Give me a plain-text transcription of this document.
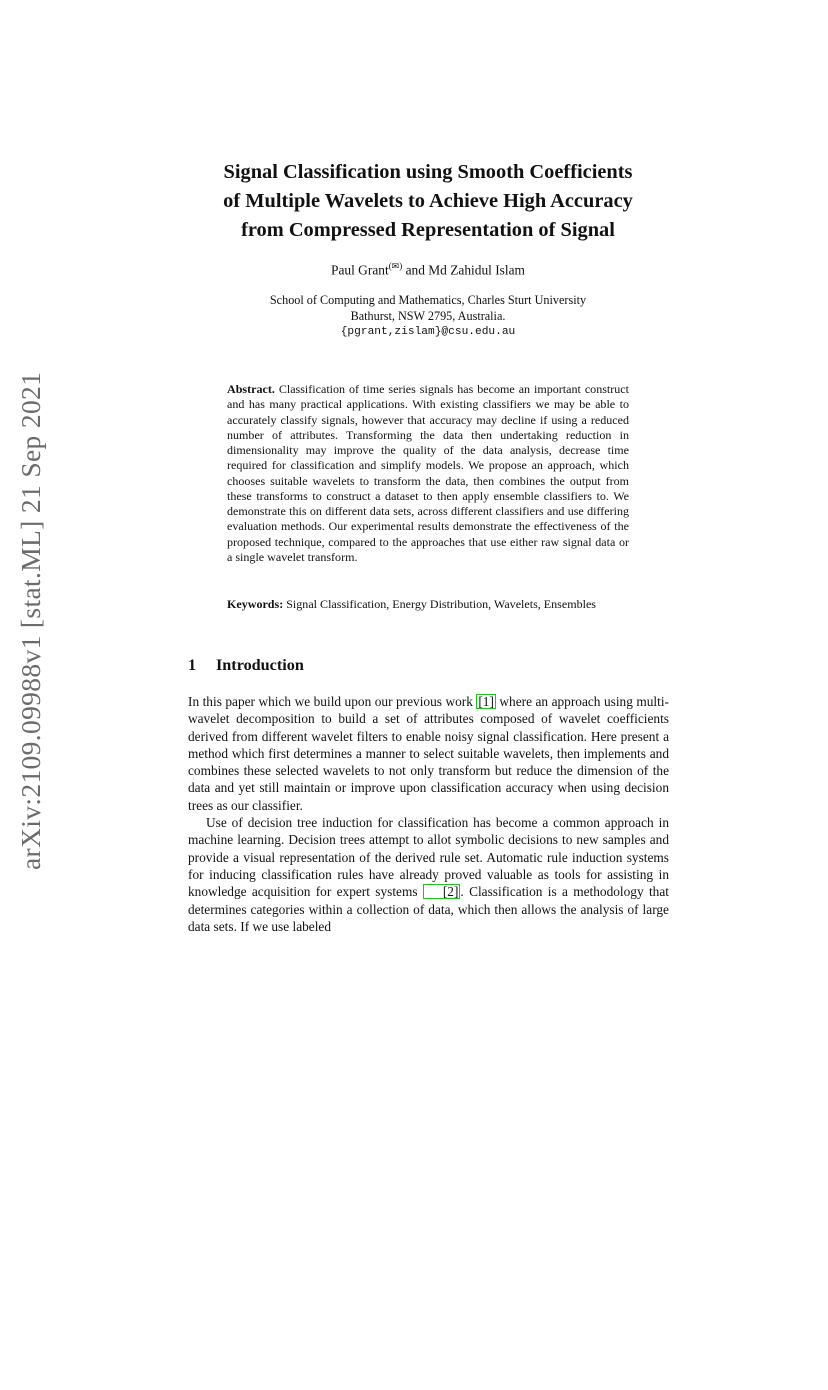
arXiv:2109.09988v1 [stat.ML] 21 Sep 2021
Signal Classification using Smooth Coefficients
of Multiple Wavelets to Achieve High Accuracy
from Compressed Representation of Signal
Paul Grant(✉) and Md Zahidul Islam
School of Computing and Mathematics, Charles Sturt University
Bathurst, NSW 2795, Australia.
{pgrant,zislam}@csu.edu.au
Abstract. Classification of time series signals has become an important construct and has many practical applications. With existing classifiers we may be able to accurately classify signals, however that accuracy may decline if using a reduced number of attributes. Transforming the data then undertaking reduction in dimensionality may improve the quality of the data analysis, decrease time required for classification and simplify models. We propose an approach, which chooses suitable wavelets to transform the data, then combines the output from these transforms to construct a dataset to then apply ensemble classifiers to. We demonstrate this on different data sets, across different classifiers and use differing evaluation methods. Our experimental results demonstrate the effectiveness of the proposed technique, compared to the approaches that use either raw signal data or a single wavelet transform.
Keywords: Signal Classification, Energy Distribution, Wavelets, Ensembles
1 Introduction

In this paper which we build upon our previous work [1] where an approach using multi-wavelet decomposition to build a set of attributes composed of wavelet coefficients derived from different wavelet filters to enable noisy signal classification. Here present a method which first determines a manner to select suitable wavelets, then implements and combines these selected wavelets to not only transform but reduce the dimension of the data and yet still maintain or improve upon classification accuracy when using decision trees as our classifier.

Use of decision tree induction for classification has become a common approach in machine learning. Decision trees attempt to allot symbolic decisions to new samples and provide a visual representation of the derived rule set. Automatic rule induction systems for inducing classification rules have already proved valuable as tools for assisting in knowledge acquisition for expert systems [2] . Classification is a methodology that determines categories within a collection of data, which then allows the analysis of large data sets. If we use labeled
